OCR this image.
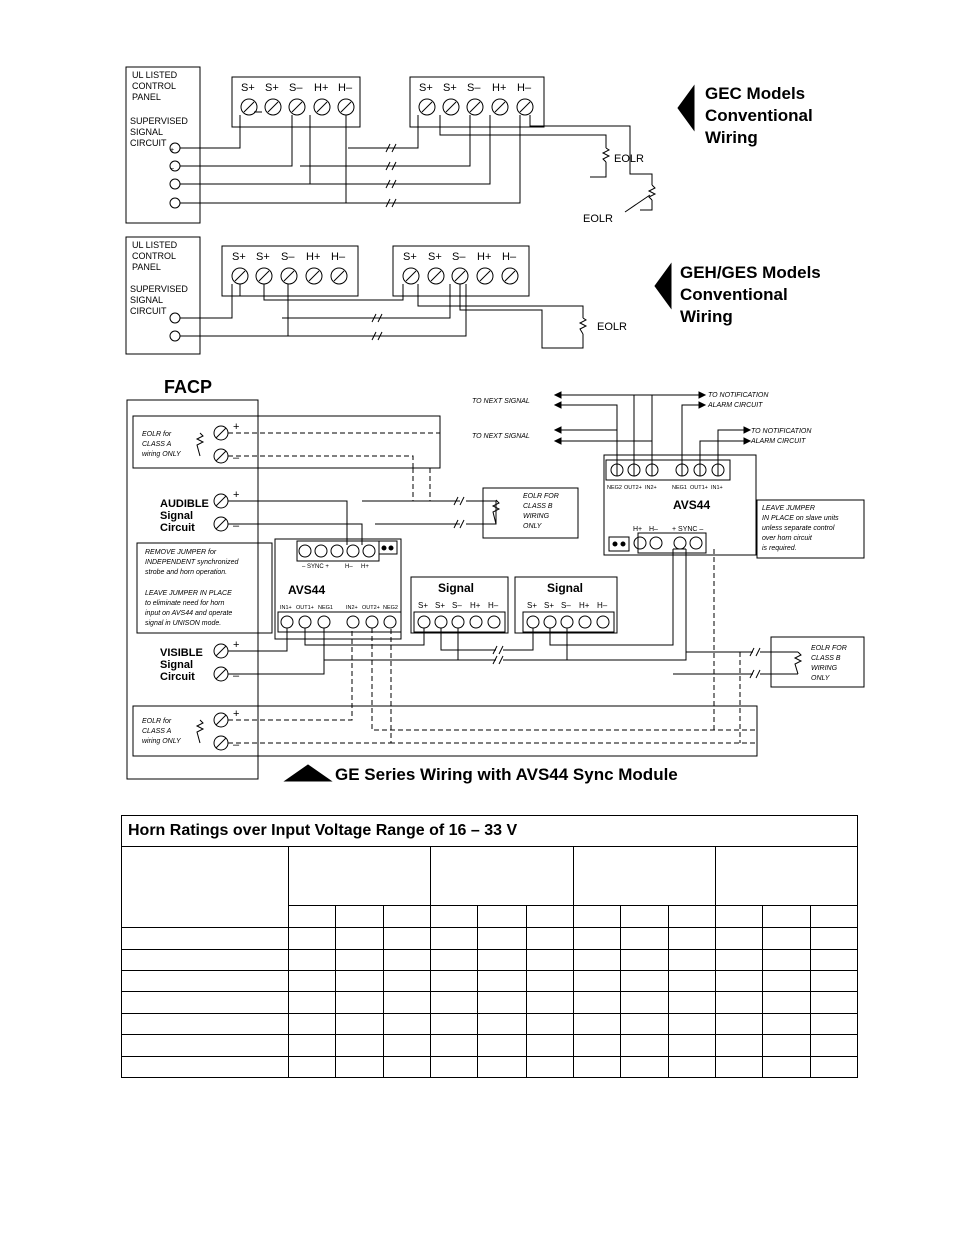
UL LISTED
CONTROL
PANEL
SUPERVISED
SIGNAL
CIRCUIT
S+ S+ S– H+ H–	S+ S+ S– H+ H–
EOLR
EOLR
GEC Models
Conventional
Wiring
UL LISTED
CONTROL
PANEL
SUPERVISED
SIGNAL
CIRCUIT
S+ S+ S– H+ H–	S+ S+ S– H+ H–
EOLR
GEH/GES Models
Conventional
Wiring
FACP
EOLR for
CLASS A
wiring ONLY
EOLR for
CLASS A
wiring ONLY
AUDIBLE
Signal
Circuit
VISIBLE
Signal
Circuit
+
–
+
–
+
–
+
–
+
–
TO NEXT SIGNAL
TO NEXT SIGNAL
TO NOTIFICATION
ALARM CIRCUIT
TO NOTIFICATION
ALARM CIRCUIT
NEG2 OUT2+ IN2+	NEG1 OUT1+ IN1+
AVS44
H+ H– + SYNC –
– SYNC +	H– H+
AVS44
IN1+ OUT1+ NEG1 IN2+ OUT2+ NEG2
Signal	Signal
S+ S+ S– H+ H–	S+ S+ S– H+ H–
REMOVE JUMPER for
INDEPENDENT synchronized
strobe and horn operation.
LEAVE JUMPER IN PLACE
to eliminate need for horn
input on AVS44 and operate
signal in UNISON mode.
LEAVE JUMPER
IN PLACE on slave units
unless separate control
over horn circuit
is required.
EOLR FOR
CLASS B
WIRING
ONLY
EOLR FOR
CLASS B
WIRING
ONLY
GE Series Wiring with AVS44 Sync Module
Horn Ratings over Input Voltage Range of 16 – 33 V												
